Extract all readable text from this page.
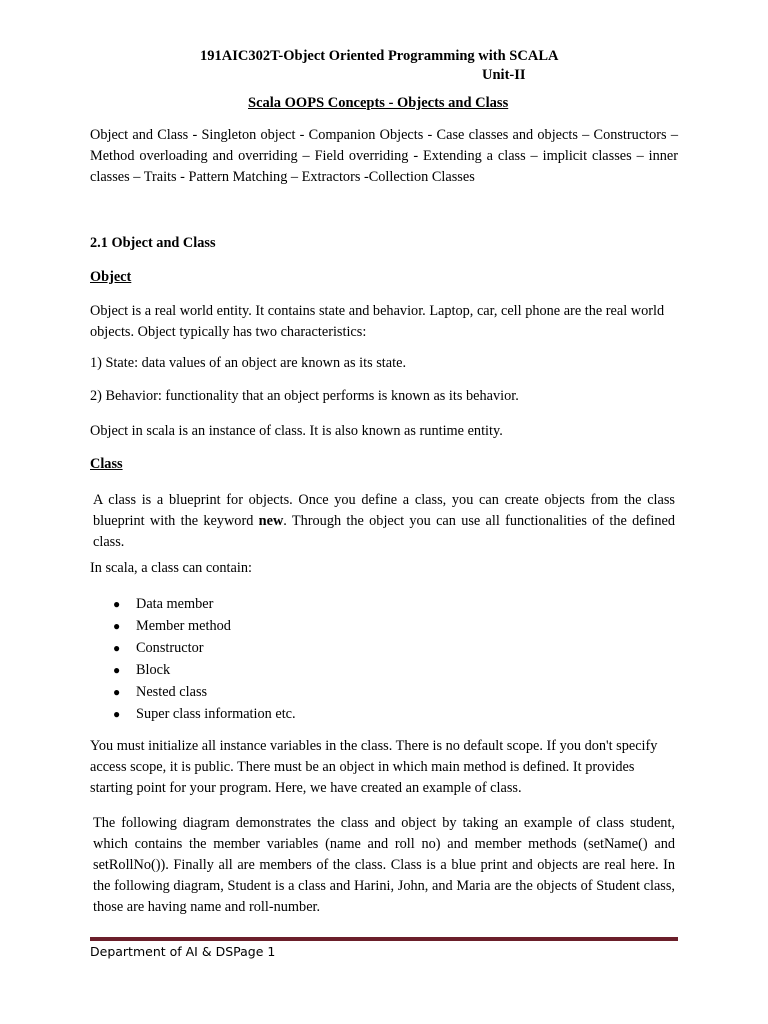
191AIC302T-Object Oriented Programming with SCALA
Unit-II
Scala OOPS Concepts - Objects and Class
Object and Class - Singleton object - Companion Objects - Case classes and objects – Constructors – Method overloading and overriding – Field overriding - Extending a class – implicit classes – inner classes – Traits - Pattern Matching – Extractors -Collection Classes
2.1 Object and Class
Object
Object is a real world entity. It contains state and behavior. Laptop, car, cell phone are the real world objects. Object typically has two characteristics:
1) State: data values of an object are known as its state.
2) Behavior: functionality that an object performs is known as its behavior.
Object in scala is an instance of class. It is also known as runtime entity.
Class
A class is a blueprint for objects. Once you define a class, you can create objects from the class blueprint with the keyword new. Through the object you can use all functionalities of the defined class.
In scala, a class can contain:
● Data member
● Member method
● Constructor
● Block
● Nested class
● Super class information etc.
You must initialize all instance variables in the class. There is no default scope. If you don't specify access scope, it is public. There must be an object in which main method is defined. It provides starting point for your program. Here, we have created an example of class.
The following diagram demonstrates the class and object by taking an example of class student, which contains the member variables (name and roll no) and member methods (setName() and setRollNo()). Finally all are members of the class. Class is a blue print and objects are real here. In the following diagram, Student is a class and Harini, John, and Maria are the objects of Student class, those are having name and roll-number.
Department of AI & DSPage 1
